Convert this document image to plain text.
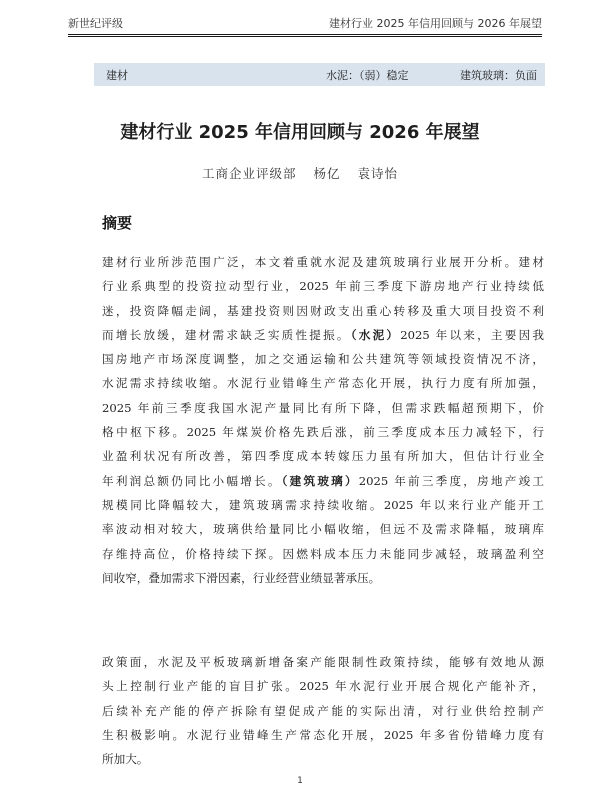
新世纪评级	建材行业 2025 年信用回顾与 2026 年展望
建材	水泥：（弱）稳定	建筑玻璃：负面
建材行业 2025 年信用回顾与 2026 年展望
工商企业评级部 杨亿 袁诗怡
摘要
建材行业所涉范围广泛，本文着重就水泥及建筑玻璃行业展开分析。建材
行业系典型的投资拉动型行业，2025 年前三季度下游房地产行业持续低
迷，投资降幅走阔，基建投资则因财政支出重心转移及重大项目投资不利
而增长放缓，建材需求缺乏实质性提振。（水泥）2025 年以来，主要因我
国房地产市场深度调整，加之交通运输和公共建筑等领域投资情况不济，
水泥需求持续收缩。水泥行业错峰生产常态化开展，执行力度有所加强，
2025 年前三季度我国水泥产量同比有所下降，但需求跌幅超预期下，价
格中枢下移。2025 年煤炭价格先跌后涨，前三季度成本压力减轻下，行
业盈利状况有所改善，第四季度成本转嫁压力虽有所加大，但估计行业全
年利润总额仍同比小幅增长。（建筑玻璃）2025 年前三季度，房地产竣工
规模同比降幅较大，建筑玻璃需求持续收缩。2025 年以来行业产能开工
率波动相对较大，玻璃供给量同比小幅收缩，但远不及需求降幅，玻璃库
存维持高位，价格持续下探。因燃料成本压力未能同步减轻，玻璃盈利空
间收窄，叠加需求下滑因素，行业经营业绩显著承压。
政策面，水泥及平板玻璃新增备案产能限制性政策持续，能够有效地从源
头上控制行业产能的盲目扩张。2025 年水泥行业开展合规化产能补齐，
后续补充产能的停产拆除有望促成产能的实际出清，对行业供给控制产
生积极影响。水泥行业错峰生产常态化开展，2025 年多省份错峰力度有
所加大。
1
